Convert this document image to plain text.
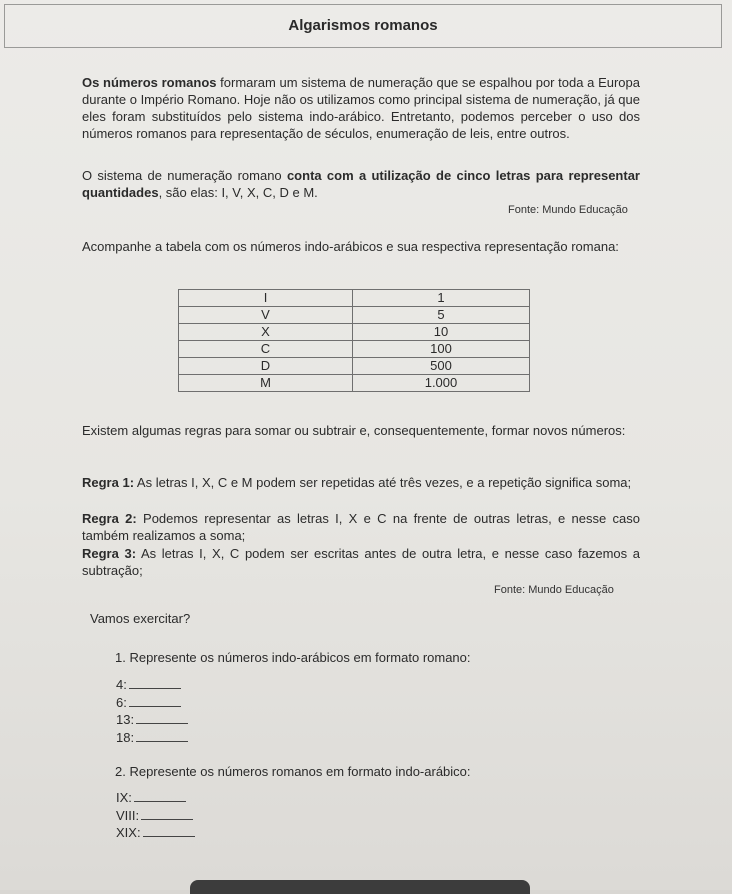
Algarismos romanos

Os números romanos formaram um sistema de numeração que se espalhou por toda a Europa durante o Império Romano. Hoje não os utilizamos como principal sistema de numeração, já que eles foram substituídos pelo sistema indo-arábico. Entretanto, podemos perceber o uso dos números romanos para representação de séculos, enumeração de leis, entre outros.

O sistema de numeração romano conta com a utilização de cinco letras para representar quantidades, são elas: I, V, X, C, D e M.

Fonte: Mundo Educação

Acompanhe a tabela com os números indo-arábicos e sua respectiva representação romana:

I	1
V	5
X	10
C	100
D	500
M	1.000

Existem algumas regras para somar ou subtrair e, consequentemente, formar novos números:

Regra 1: As letras I, X, C e M podem ser repetidas até três vezes, e a repetição significa soma;

Regra 2: Podemos representar as letras I, X e C na frente de outras letras, e nesse caso também realizamos a soma;

Regra 3: As letras I, X, C podem ser escritas antes de outra letra, e nesse caso fazemos a subtração;

Fonte: Mundo Educação
Vamos exercitar?
1. Represente os números indo-arábicos em formato romano:
4:
6:
13:
18:
2. Represente os números romanos em formato indo-arábico:
IX:
VIII:
XIX:
